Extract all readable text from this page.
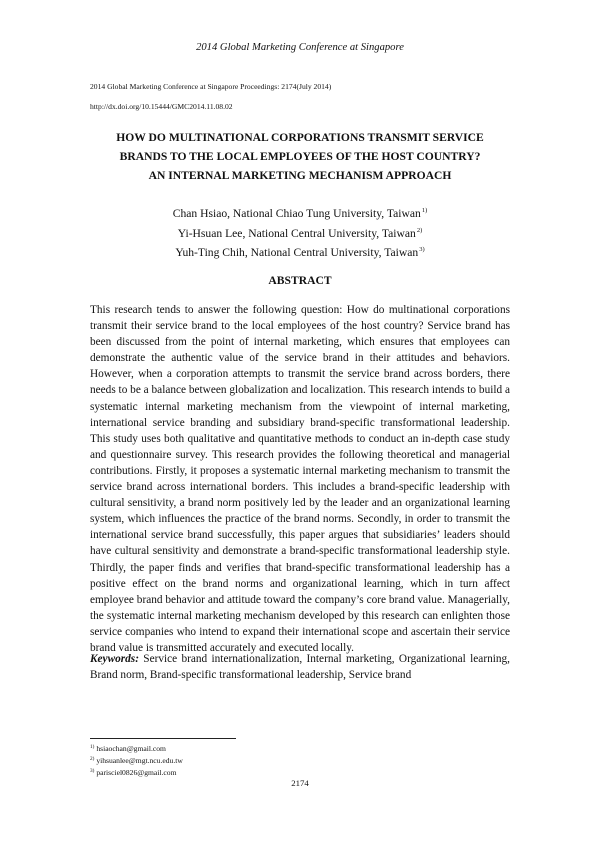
2014 Global Marketing Conference at Singapore
2014 Global Marketing Conference at Singapore Proceedings: 2174(July 2014)
http://dx.doi.org/10.15444/GMC2014.11.08.02
HOW DO MULTINATIONAL CORPORATIONS TRANSMIT SERVICE
BRANDS TO THE LOCAL EMPLOYEES OF THE HOST COUNTRY?
AN INTERNAL MARKETING MECHANISM APPROACH
Chan Hsiao, National Chiao Tung University, Taiwan$^{1)}$
Yi-Hsuan Lee, National Central University, Taiwan$^{2)}$
Yuh-Ting Chih, National Central University, Taiwan$^{3)}$
ABSTRACT

This research tends to answer the following question: How do multinational corporations transmit their service brand to the local employees of the host country? Service brand has been discussed from the point of internal marketing, which ensures that employees can demonstrate the authentic value of the service brand in their attitudes and behaviors. However, when a corporation attempts to transmit the service brand across borders, there needs to be a balance between globalization and localization. This research intends to build a systematic internal marketing mechanism from the viewpoint of internal marketing, international service branding and subsidiary brand-specific transformational leadership. This study uses both qualitative and quantitative methods to conduct an in-depth case study and questionnaire survey. This research provides the following theoretical and managerial contributions. Firstly, it proposes a systematic internal marketing mechanism to transmit the service brand across international borders. This includes a brand-specific leadership with cultural sensitivity, a brand norm positively led by the leader and an organizational learning system, which influences the practice of the brand norms. Secondly, in order to transmit the international service brand successfully, this paper argues that subsidiaries’ leaders should have cultural sensitivity and demonstrate a brand-specific transformational leadership style. Thirdly, the paper finds and verifies that brand-specific transformational leadership has a positive effect on the brand norms and organizational learning, which in turn affect employee brand behavior and attitude toward the company’s core brand value. Managerially, the systematic internal marketing mechanism developed by this research can enlighten those service companies who intend to expand their international scope and ascertain their service brand value is transmitted accurately and executed locally.

Keywords: Service brand internationalization, Internal marketing, Organizational learning, Brand norm, Brand-specific transformational leadership, Service brand

$^{1)}$ hsiaochan@gmail.com
$^{2)}$ yihsuanlee@mgt.ncu.edu.tw
$^{3)}$ parisciel0826@gmail.com
2174
